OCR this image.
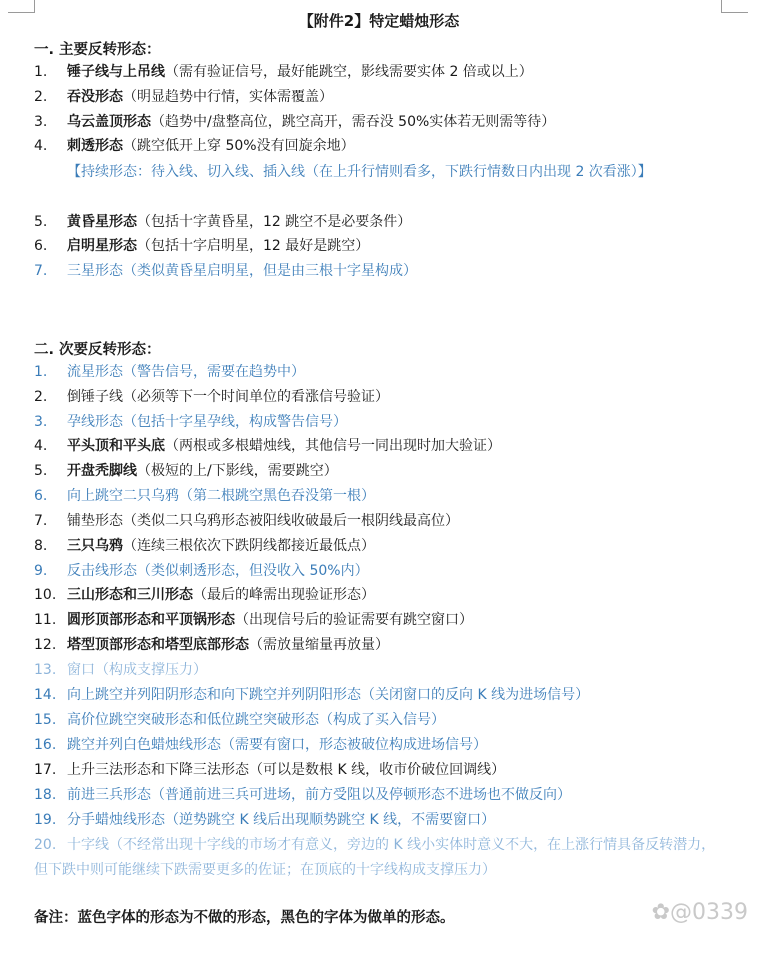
【附件2】特定蜡烛形态
一. 主要反转形态：
1. 锤子线与上吊线（需有验证信号，最好能跳空，影线需要实体 2 倍或以上）
2. 吞没形态（明显趋势中行情，实体需覆盖）
3. 乌云盖顶形态（趋势中/盘整高位，跳空高开，需吞没 50%实体若无则需等待）
4. 刺透形态（跳空低开上穿 50%没有回旋余地）
【持续形态：待入线、切入线、插入线（在上升行情则看多，下跌行情数日内出现 2 次看涨）】
5. 黄昏星形态（包括十字黄昏星，12 跳空不是必要条件）
6. 启明星形态（包括十字启明星，12 最好是跳空）
7. 三星形态（类似黄昏星启明星，但是由三根十字星构成）
二. 次要反转形态：
1. 流星形态（警告信号，需要在趋势中）
2. 倒锤子线（必须等下一个时间单位的看涨信号验证）
3. 孕线形态（包括十字星孕线，构成警告信号）
4. 平头顶和平头底（两根或多根蜡烛线，其他信号一同出现时加大验证）
5. 开盘秃脚线（极短的上/下影线，需要跳空）
6. 向上跳空二只乌鸦（第二根跳空黑色吞没第一根）
7. 铺垫形态（类似二只乌鸦形态被阳线收破最后一根阴线最高位）
8. 三只乌鸦（连续三根依次下跌阴线都接近最低点）
9. 反击线形态（类似刺透形态，但没收入 50%内）
10. 三山形态和三川形态（最后的峰需出现验证形态）
11. 圆形顶部形态和平顶锅形态（出现信号后的验证需要有跳空窗口）
12. 塔型顶部形态和塔型底部形态（需放量缩量再放量）
13. 窗口（构成支撑压力）
14. 向上跳空并列阳阴形态和向下跳空并列阴阳形态（关闭窗口的反向 K 线为进场信号）
15. 高价位跳空突破形态和低位跳空突破形态（构成了买入信号）
16. 跳空并列白色蜡烛线形态（需要有窗口，形态被破位构成进场信号）
17. 上升三法形态和下降三法形态（可以是数根 K 线，收市价破位回调线）
18. 前进三兵形态（普通前进三兵可进场，前方受阻以及停顿形态不进场也不做反向）
19. 分手蜡烛线形态（逆势跳空 K 线后出现顺势跳空 K 线，不需要窗口）
20. 十字线（不经常出现十字线的市场才有意义，旁边的 K 线小实体时意义不大，在上涨行情具备反转潜力，但下跌中则可能继续下跌需要更多的佐证；在顶底的十字线构成支撑压力）
备注：蓝色字体的形态为不做的形态，黑色的字体为做单的形态。	✿@0339
